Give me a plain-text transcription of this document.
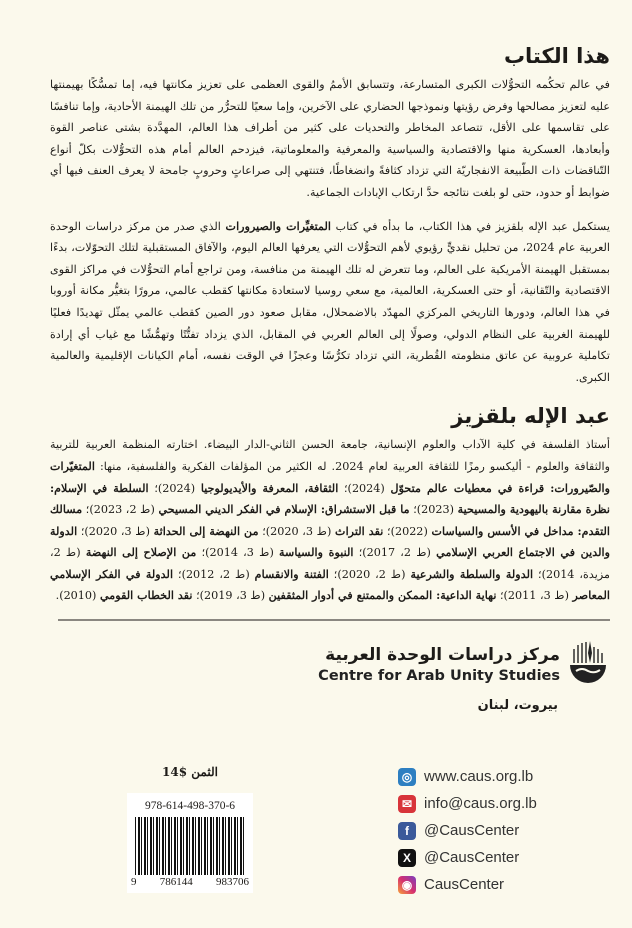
هذا الكتاب

في عالم تحكُمه التحوُّلات الكبرى المتسارعة، وتتسابق الأممُ والقوى العظمى على تعزيز مكانتها فيه، إما تمسُّكًا بهيمنتها عليه لتعزيز مصالحها وفرض رؤيتها ونموذجها الحضاري على الآخرين، وإما سعيًا للتحرُّر من تلك الهيمنة الأحادية، وإما تنافسًا على تقاسمها على الأقل، تتصاعد المخاطر والتحديات على كثير من أطراف هذا العالم، المهدَّدة بشتى عناصر القوة وأبعادها، العسكرية منها والاقتصادية والسياسية والمعرفية والمعلوماتية، فيزدحم العالم أمام هذه التحوُّلات بكلّ أنواع التّناقضات ذات الطّبيعة الانفجاريّة التي تزداد كثافةً وانضغاطًا، فتنتهي إلى صراعاتٍ وحروبٍ جامحة لا يعرف العنف فيها أي ضوابط أو حدود، حتى لو بلغت نتائجه حدَّ ارتكاب الإبادات الجماعية.

يستكمل عبد الإله بلقزيز في هذا الكتاب، ما بدأه في كتاب المتغيِّرات والصيرورات الذي صدر من مركز دراسات الوحدة العربية عام 2024، من تحليل نقديٍّ رؤيوي لأهم التحوُّلات التي يعرفها العالم اليوم، والآفاق المستقبلية لتلك التحوّلات، بدءًا بمستقبل الهيمنة الأمريكية على العالم، وما تتعرض له تلك الهيمنة من منافسة، ومن تراجع أمام التحوُّلات في مراكز القوى الاقتصادية والتّقانية، أو حتى العسكرية، العالمية، مع سعي روسيا لاستعادة مكانتها كقطب عالمي، مرورًا بتغيُّر مكانة أوروبا في هذا العالم، ودورها التاريخي المركزي المهدّد بالاضمحلال، مقابل صعود دور الصين كقطب عالمي يمثّل تهديدًا فعليًا للهيمنة الغربية على النظام الدولي، وصولًا إلى العالم العربي في المقابل، الذي يزداد تفتُّتًا وتهمُّشًا مع غياب أي إرادة تكاملية عروبية عن عاتق منظومته القُطرية، التي تزداد تكرُّسًا وعجزًا في الوقت نفسه، أمام الكيانات الإقليمية والعالمية الكبرى.

عبد الإله بلقزيز

أستاذ الفلسفة في كلية الآداب والعلوم الإنسانية، جامعة الحسن الثاني-الدار البيضاء. اختارته المنظمة العربية للتربية والثقافة والعلوم - أليكسو رمزًا للثقافة العربية لعام 2024. له الكثير من المؤلفات الفكرية والفلسفية، منها: المتغيّرات والصّيرورات: قراءة في معطيات عالم متحوّل (2024)؛ الثقافة، المعرفة والأيديولوجيا (2024)؛ السلطة في الإسلام: نظرة مقارنة باليهودية والمسيحية (2023)؛ ما قبل الاستشراق: الإسلام في الفكر الديني المسيحي (ط 2، 2023)؛ مسالك التقدم: مداخل في الأسس والسياسات (2022)؛ نقد التراث (ط 3، 2020)؛ من النهضة إلى الحداثة (ط 3، 2020)؛ الدولة والدين في الاجتماع العربي الإسلامي (ط 2، 2017)؛ النبوة والسياسة (ط 3، 2014)؛ من الإصلاح إلى النهضة (ط 2، مزيدة، 2014)؛ الدولة والسلطة والشرعية (ط 2، 2020)؛ الفتنة والانقسام (ط 2، 2012)؛ الدولة في الفكر الإسلامي المعاصر (ط 3، 2011)؛ نهاية الداعية: الممكن والممتنع في أدوار المثقفين (ط 3، 2019)؛ نقد الخطاب القومي (2010).

مركز دراسات الوحدة العربية
Centre for Arab Unity Studies
بيروت، لبنان
الثمن $14
978-614-498-370-6
9 786144 983706
◎ www.caus.org.lb
✉ info@caus.org.lb
f	@CausCenter
X @CausCenter
◉ CausCenter
